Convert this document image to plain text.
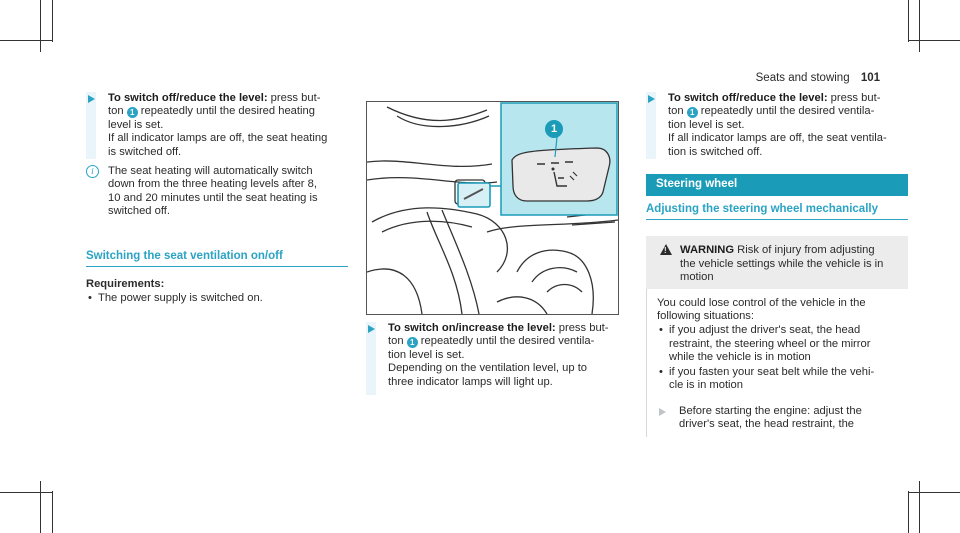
Seats and stowing 101
To switch off/reduce the level: press but-
ton 1 repeatedly until the desired heating
level is set.
If all indicator lamps are off, the seat heating
is switched off.
i	The seat heating will automatically switch
down from the three heating levels after 8,
10 and 20 minutes until the seat heating is
switched off.
Switching the seat ventilation on/off
Requirements:
• The power supply is switched on.
1
To switch on/increase the level: press but-
ton 1 repeatedly until the desired ventila-
tion level is set.
Depending on the ventilation level, up to
three indicator lamps will light up.
To switch off/reduce the level: press but-
ton 1 repeatedly until the desired ventila-
tion level is set.
If all indicator lamps are off, the seat ventila-
tion is switched off.
Steering wheel
Adjusting the steering wheel mechanically
! WARNING Risk of injury from adjusting
the vehicle settings while the vehicle is in
motion
You could lose control of the vehicle in the
following situations:
• if you adjust the driver's seat, the head
restraint, the steering wheel or the mirror
while the vehicle is in motion
• if you fasten your seat belt while the vehi-
cle is in motion
Before starting the engine: adjust the
driver's seat, the head restraint, the
